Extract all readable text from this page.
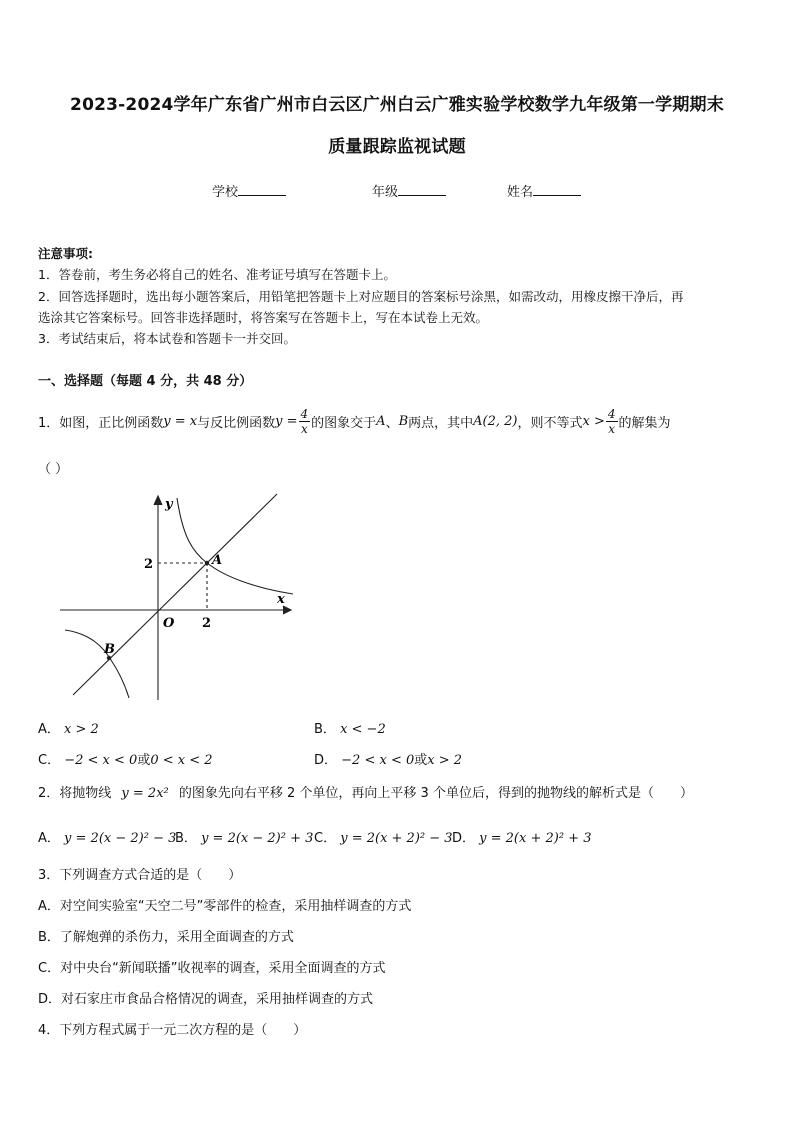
2023-2024学年广东省广州市白云区广州白云广雅实验学校数学九年级第一学期期末
质量跟踪监视试题
学校	年级	姓名
注意事项:
1．答卷前，考生务必将自己的姓名、准考证号填写在答题卡上。
2．回答选择题时，选出每小题答案后，用铅笔把答题卡上对应题目的答案标号涂黑，如需改动，用橡皮擦干净后，再
选涂其它答案标号。回答非选择题时，将答案写在答题卡上，写在本试卷上无效。
3．考试结束后，将本试卷和答题卡一并交回。
一、选择题（每题 4 分，共 48 分）
1．如图，正比例函数 y = x 与反比例函数 $y = \frac{4}{x}$ 的图象交于 A 、 B 两点，其中 A(2, 2) ，则不等式 $x > \frac{4}{x}$ 的解集为
（ ）
y
x
O
2
2
A
B
A． x > 2	B． x < −2
C． −2 < x < 0或0 < x < 2	D． −2 < x < 0或x > 2
2．将抛物线 y = 2x² 的图象先向右平移 2 个单位，再向上平移 3 个单位后，得到的抛物线的解析式是（　　）
A． y = 2(x − 2)² − 3
B． y = 2(x − 2)² + 3 C． y = 2(x + 2)² − 3 D． y = 2(x + 2)² + 3
3．下列调查方式合适的是（　　）
A．对空间实验室“天空二号”零部件的检查，采用抽样调查的方式
B．了解炮弹的杀伤力，采用全面调查的方式
C．对中央台“新闻联播”收视率的调查，采用全面调查的方式
D．对石家庄市食品合格情况的调查，采用抽样调查的方式
4．下列方程式属于一元二次方程的是（　　）
